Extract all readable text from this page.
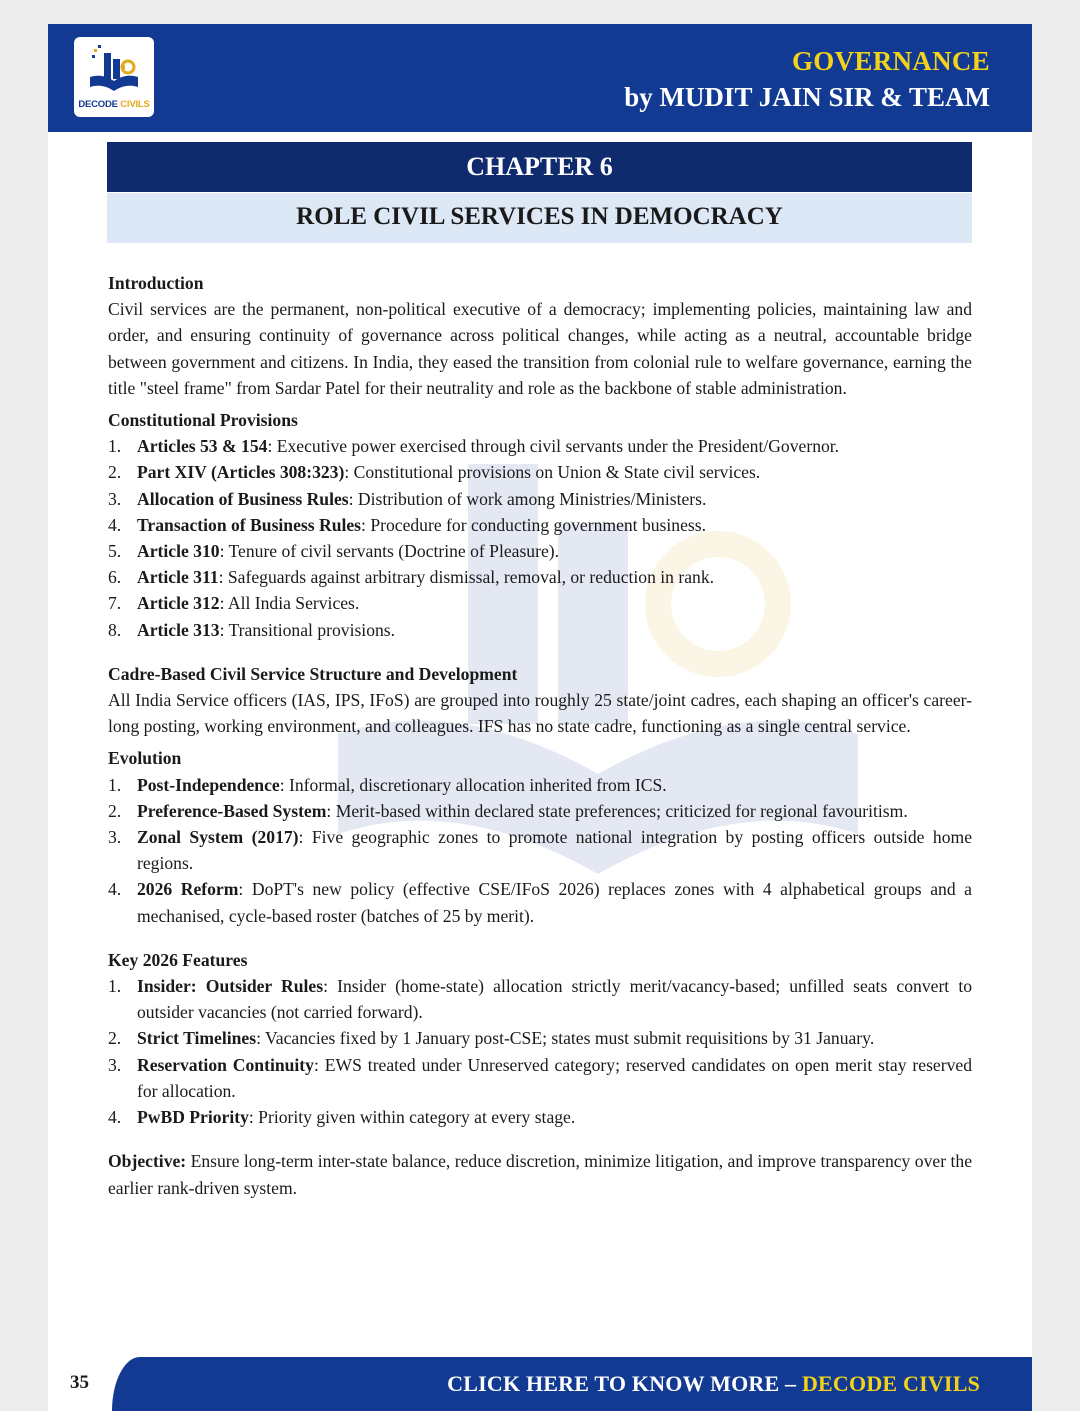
DECODE CIVILS
GOVERNANCE
by MUDIT JAIN SIR & TEAM
CHAPTER 6
ROLE CIVIL SERVICES IN DEMOCRACY
Introduction

Civil services are the permanent, non-political executive of a democracy; implementing policies, maintaining law and order, and ensuring continuity of governance across political changes, while acting as a neutral, accountable bridge between government and citizens. In India, they eased the transition from colonial rule to welfare governance, earning the title "steel frame" from Sardar Patel for their neutrality and role as the backbone of stable administration.

Constitutional Provisions
1. Articles 53 & 154: Executive power exercised through civil servants under the President/Governor.
2. Part XIV (Articles 308:323): Constitutional provisions on Union & State civil services.
3. Allocation of Business Rules: Distribution of work among Ministries/Ministers.
4. Transaction of Business Rules: Procedure for conducting government business.
5. Article 310: Tenure of civil servants (Doctrine of Pleasure).
6. Article 311: Safeguards against arbitrary dismissal, removal, or reduction in rank.
7. Article 312: All India Services.
8. Article 313: Transitional provisions.
Cadre-Based Civil Service Structure and Development

All India Service officers (IAS, IPS, IFoS) are grouped into roughly 25 state/joint cadres, each shaping an officer's career-long posting, working environment, and colleagues. IFS has no state cadre, functioning as a single central service.

Evolution
1. Post-Independence: Informal, discretionary allocation inherited from ICS.
2. Preference-Based System: Merit-based within declared state preferences; criticized for regional favouritism.
3. Zonal System (2017): Five geographic zones to promote national integration by posting officers outside home regions.
4. 2026 Reform: DoPT's new policy (effective CSE/IFoS 2026) replaces zones with 4 alphabetical groups and a mechanised, cycle-based roster (batches of 25 by merit).
Key 2026 Features
1. Insider: Outsider Rules: Insider (home-state) allocation strictly merit/vacancy-based; unfilled seats convert to outsider vacancies (not carried forward).
2. Strict Timelines: Vacancies fixed by 1 January post-CSE; states must submit requisitions by 31 January.
3. Reservation Continuity: EWS treated under Unreserved category; reserved candidates on open merit stay reserved for allocation.
4. PwBD Priority: Priority given within category at every stage.

Objective: Ensure long-term inter-state balance, reduce discretion, minimize litigation, and improve transparency over the earlier rank-driven system.

35	CLICK HERE TO KNOW MORE – DECODE CIVILS
